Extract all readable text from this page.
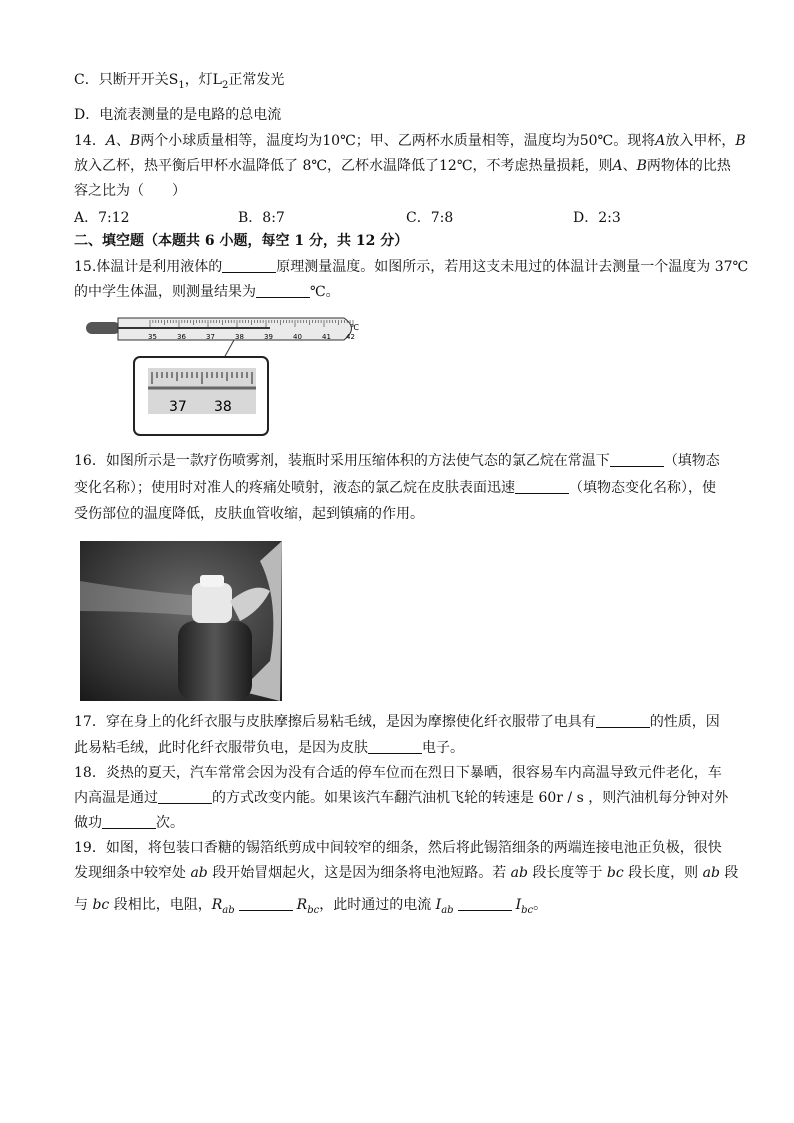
C．只断开开关$S_1$，灯$L_2$正常发光
D．电流表测量的是电路的总电流
14．A、B两个小球质量相等，温度均为10℃；甲、乙两杯水质量相等，温度均为50℃。现将A放入甲杯，B
放入乙杯，热平衡后甲杯水温降低了 8℃，乙杯水温降低了12℃，不考虑热量损耗，则A、B两物体的比热
容之比为（　　）
A．7:12	B．8:7	C．7:8	D．2:3
二、填空题（本题共 6 小题，每空 1 分，共 12 分）
15.体温计是利用液体的	原理测量温度。如图所示，若用这支未甩过的体温计去测量一个温度为 37℃
的中学生体温，则测量结果为	℃。
35	36	37	38	39	40	41 42
℃
37 38
16．如图所示是一款疗伤喷雾剂，装瓶时采用压缩体积的方法使气态的氯乙烷在常温下	（填物态
变化名称）；使用时对准人的疼痛处喷射，液态的氯乙烷在皮肤表面迅速	（填物态变化名称），使
受伤部位的温度降低，皮肤血管收缩，起到镇痛的作用。
17．穿在身上的化纤衣服与皮肤摩擦后易粘毛绒，是因为摩擦使化纤衣服带了电具有	的性质，因
此易粘毛绒，此时化纤衣服带负电，是因为皮肤	电子。
18．炎热的夏天，汽车常常会因为没有合适的停车位而在烈日下暴晒，很容易车内高温导致元件老化，车
内高温是通过	的方式改变内能。如果该汽车翻汽油机飞轮的转速是 60r / s ，则汽油机每分钟对外
做功	次。
19．如图，将包装口香糖的锡箔纸剪成中间较窄的细条，然后将此锡箔细条的两端连接电池正负极，很快
发现细条中较窄处 ab 段开始冒烟起火，这是因为细条将电池短路。若 ab 段长度等于 bc 段长度，则 ab 段
与 bc 段相比，电阻，$R_{ab}$	$R_{bc}$，此时通过的电流 $I_{ab}$	$I_{bc}$。
